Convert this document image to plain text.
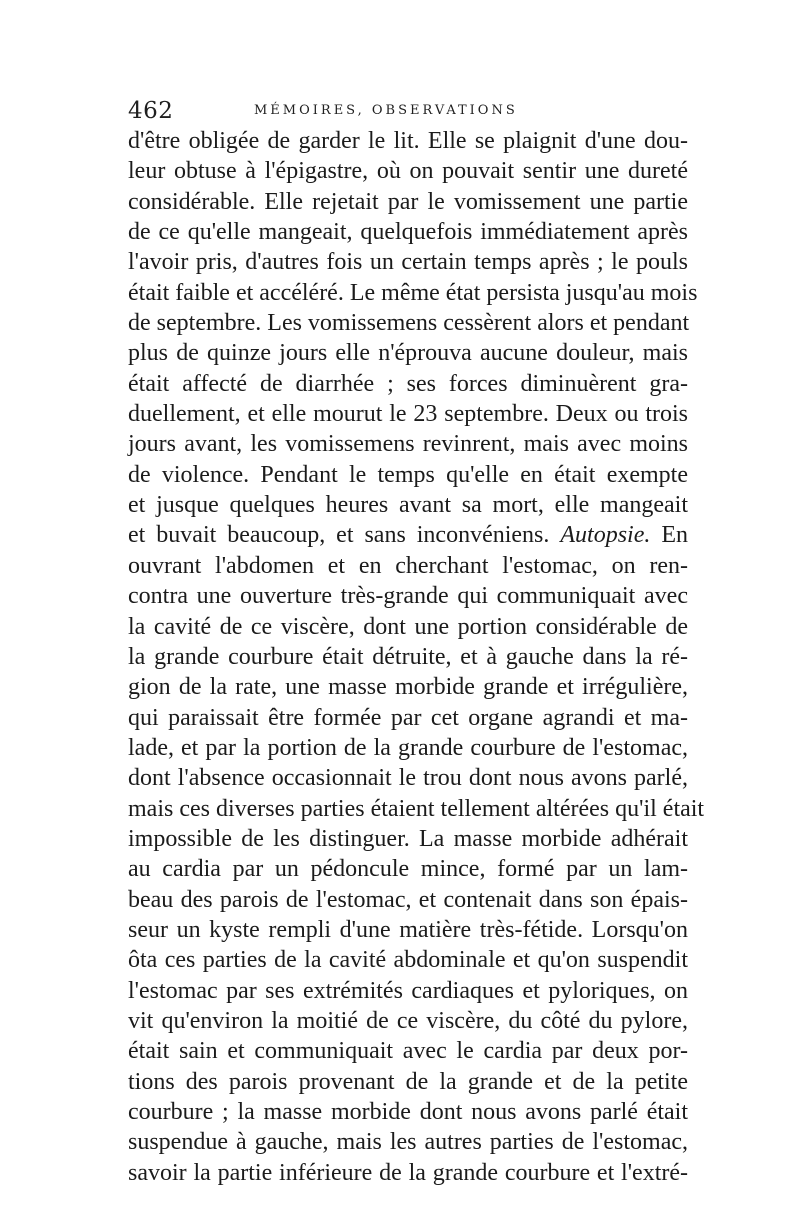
462	MÉMOIRES, OBSERVATIONS
d'être obligée de garder le lit. Elle se plaignit d'une dou-
leur obtuse à l'épigastre, où on pouvait sentir une dureté
considérable. Elle rejetait par le vomissement une partie
de ce qu'elle mangeait, quelquefois immédiatement après
l'avoir pris, d'autres fois un certain temps après ; le pouls
était faible et accéléré. Le même état persista jusqu'au mois
de septembre. Les vomissemens cessèrent alors et pendant
plus de quinze jours elle n'éprouva aucune douleur, mais
était affecté de diarrhée ; ses forces diminuèrent gra-
duellement, et elle mourut le 23 septembre. Deux ou trois
jours avant, les vomissemens revinrent, mais avec moins
de violence. Pendant le temps qu'elle en était exempte
et jusque quelques heures avant sa mort, elle mangeait
et buvait beaucoup, et sans inconvéniens. Autopsie. En
ouvrant l'abdomen et en cherchant l'estomac, on ren-
contra une ouverture très-grande qui communiquait avec
la cavité de ce viscère, dont une portion considérable de
la grande courbure était détruite, et à gauche dans la ré-
gion de la rate, une masse morbide grande et irrégulière,
qui paraissait être formée par cet organe agrandi et ma-
lade, et par la portion de la grande courbure de l'estomac,
dont l'absence occasionnait le trou dont nous avons parlé,
mais ces diverses parties étaient tellement altérées qu'il était
impossible de les distinguer. La masse morbide adhérait
au cardia par un pédoncule mince, formé par un lam-
beau des parois de l'estomac, et contenait dans son épais-
seur un kyste rempli d'une matière très-fétide. Lorsqu'on
ôta ces parties de la cavité abdominale et qu'on suspendit
l'estomac par ses extrémités cardiaques et pyloriques, on
vit qu'environ la moitié de ce viscère, du côté du pylore,
était sain et communiquait avec le cardia par deux por-
tions des parois provenant de la grande et de la petite
courbure ; la masse morbide dont nous avons parlé était
suspendue à gauche, mais les autres parties de l'estomac,
savoir la partie inférieure de la grande courbure et l'extré-
